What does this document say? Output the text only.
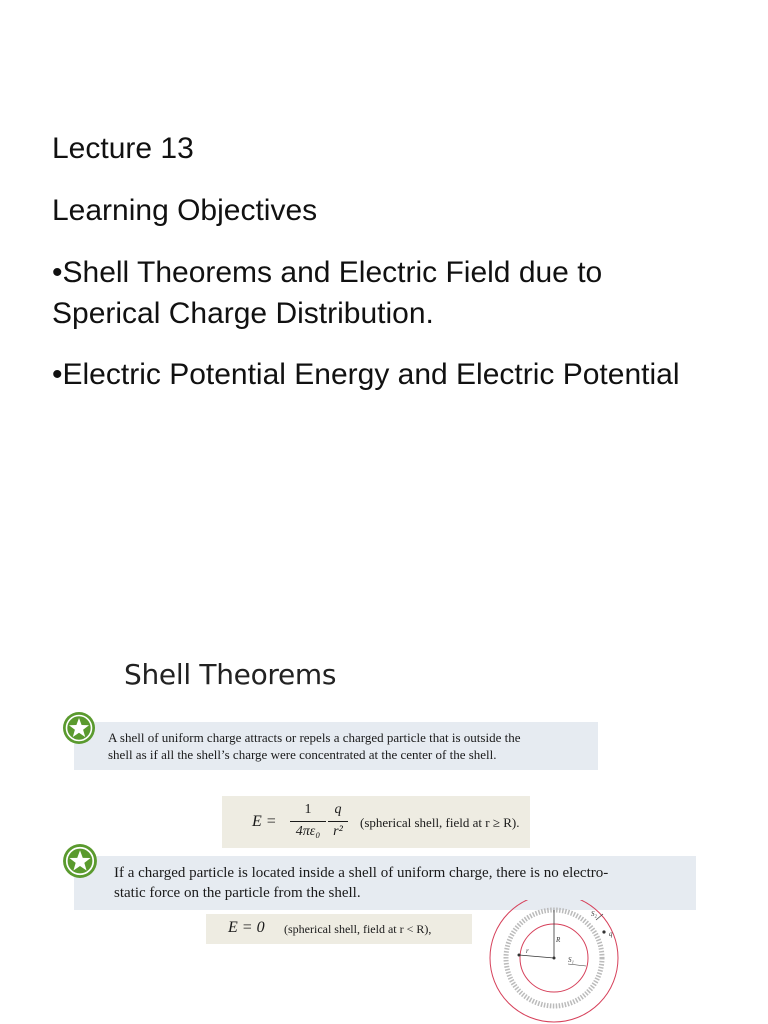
Lecture 13
Learning Objectives
•Shell Theorems and Electric Field due to Sperical Charge Distribution.
•Electric Potential Energy and Electric Potential
Shell Theorems
A shell of uniform charge attracts or repels a charged particle that is outside the
shell as if all the shell’s charge were concentrated at the center of the shell.
E =
1
4πε₀
q
r²
(spherical shell, field at r ≥ R).
If a charged particle is located inside a shell of uniform charge, there is no electro-
static force on the particle from the shell.
E = 0 (spherical shell, field at r < R),
S₂
q
R
r
S₁
